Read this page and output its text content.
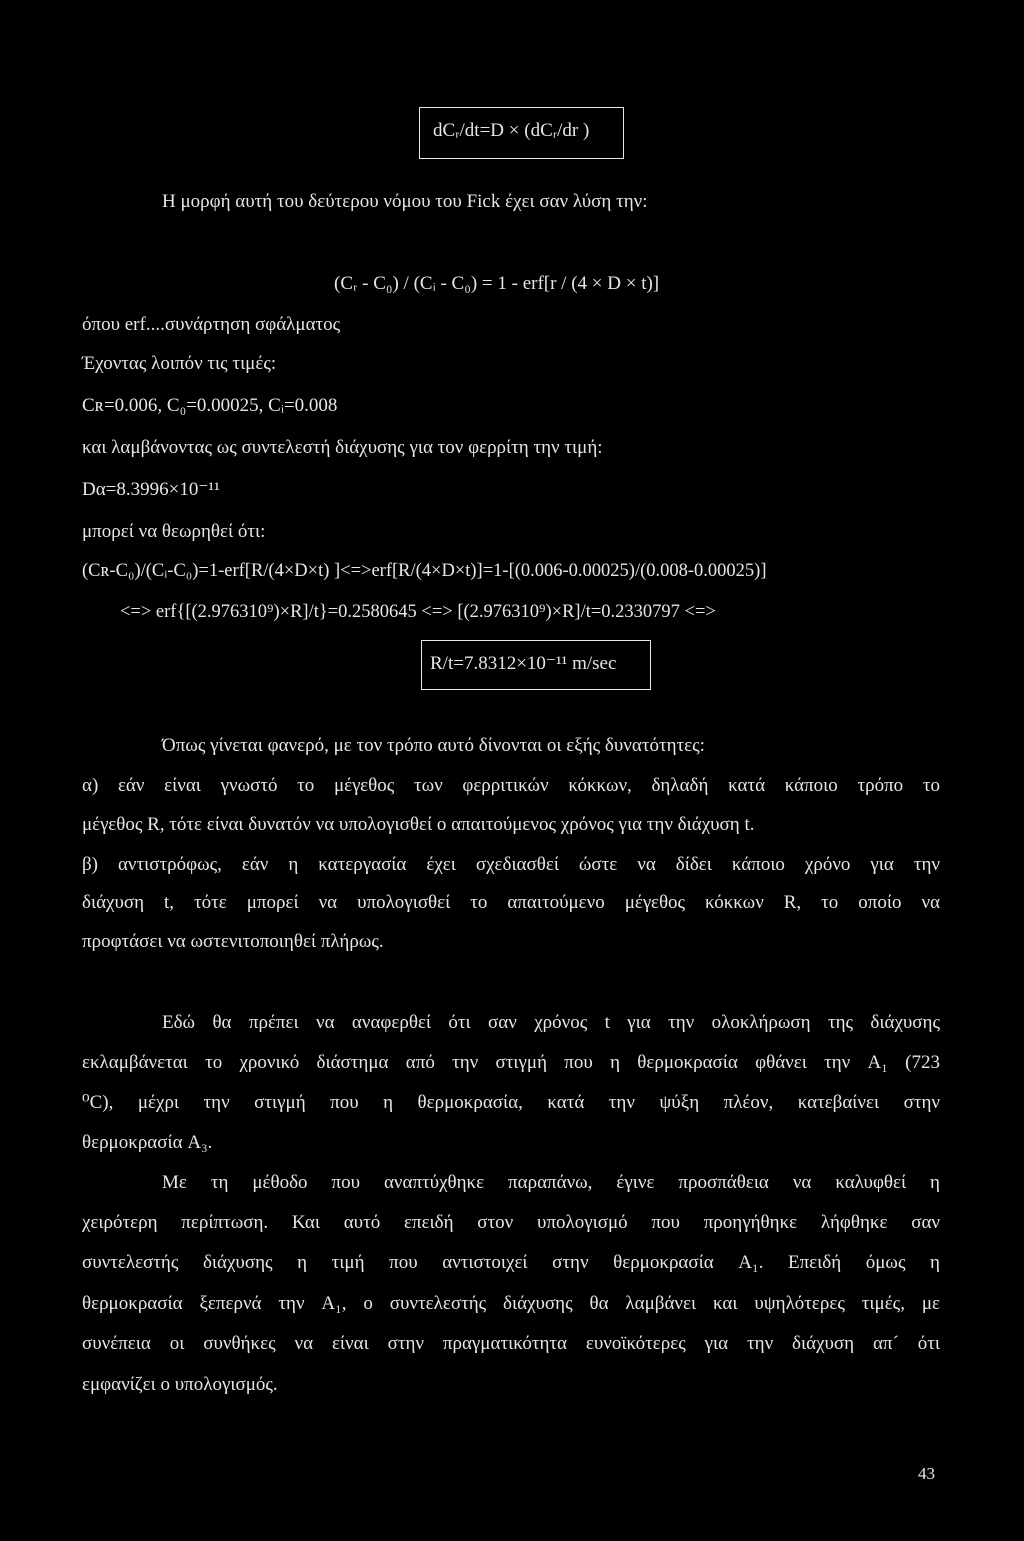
dCᵣ/dt=D × (dCᵣ/dr )
Η μορφή αυτή του δεύτερου νόμου του Fick έχει σαν λύση την:
(Cᵣ - C₀) / (Cᵢ - C₀) = 1 - erf[r / (4 × D × t)]
όπου erf....συνάρτηση σφάλματος
Έχοντας λοιπόν τις τιμές:
Cʀ=0.006, C₀=0.00025, Cᵢ=0.008
και λαμβάνοντας ως συντελεστή διάχυσης για τον φερρίτη την τιμή:
Dα=8.3996×10⁻¹¹
μπορεί να θεωρηθεί ότι:
(Cʀ-C₀)/(Cᵢ-C₀)=1-erf[R/(4×D×t) ]<=>erf[R/(4×D×t)]=1-[(0.006-0.00025)/(0.008-0.00025)]
<=> erf{[(2.976310⁹)×R]/t}=0.2580645 <=> [(2.976310⁹)×R]/t=0.2330797 <=>
R/t=7.8312×10⁻¹¹ m/sec
Όπως γίνεται φανερό, με τον τρόπο αυτό δίνονται οι εξής δυνατότητες:
α) εάν είναι γνωστό το μέγεθος των φερριτικών κόκκων, δηλαδή κατά κάποιο τρόπο το
μέγεθος R, τότε είναι δυνατόν να υπολογισθεί ο απαιτούμενος χρόνος για την διάχυση t.
β) αντιστρόφως, εάν η κατεργασία έχει σχεδιασθεί ώστε να δίδει κάποιο χρόνο για την
διάχυση t, τότε μπορεί να υπολογισθεί το απαιτούμενο μέγεθος κόκκων R, το οποίο να
προφτάσει να ωστενιτοποιηθεί πλήρως.
Εδώ θα πρέπει να αναφερθεί ότι σαν χρόνος t για την ολοκλήρωση της διάχυσης
εκλαμβάνεται το χρονικό διάστημα από την στιγμή που η θερμοκρασία φθάνει την A₁ (723
⁰C), μέχρι την στιγμή που η θερμοκρασία, κατά την ψύξη πλέον, κατεβαίνει στην
θερμοκρασία A₃.
Με τη μέθοδο που αναπτύχθηκε παραπάνω, έγινε προσπάθεια να καλυφθεί η
χειρότερη περίπτωση. Και αυτό επειδή στον υπολογισμό που προηγήθηκε λήφθηκε σαν
συντελεστής διάχυσης η τιμή που αντιστοιχεί στην θερμοκρασία A₁. Επειδή όμως η
θερμοκρασία ξεπερνά την A₁, ο συντελεστής διάχυσης θα λαμβάνει και υψηλότερες τιμές, με
συνέπεια οι συνθήκες να είναι στην πραγματικότητα ευνοϊκότερες για την διάχυση απ´ ότι
εμφανίζει ο υπολογισμός.
43
